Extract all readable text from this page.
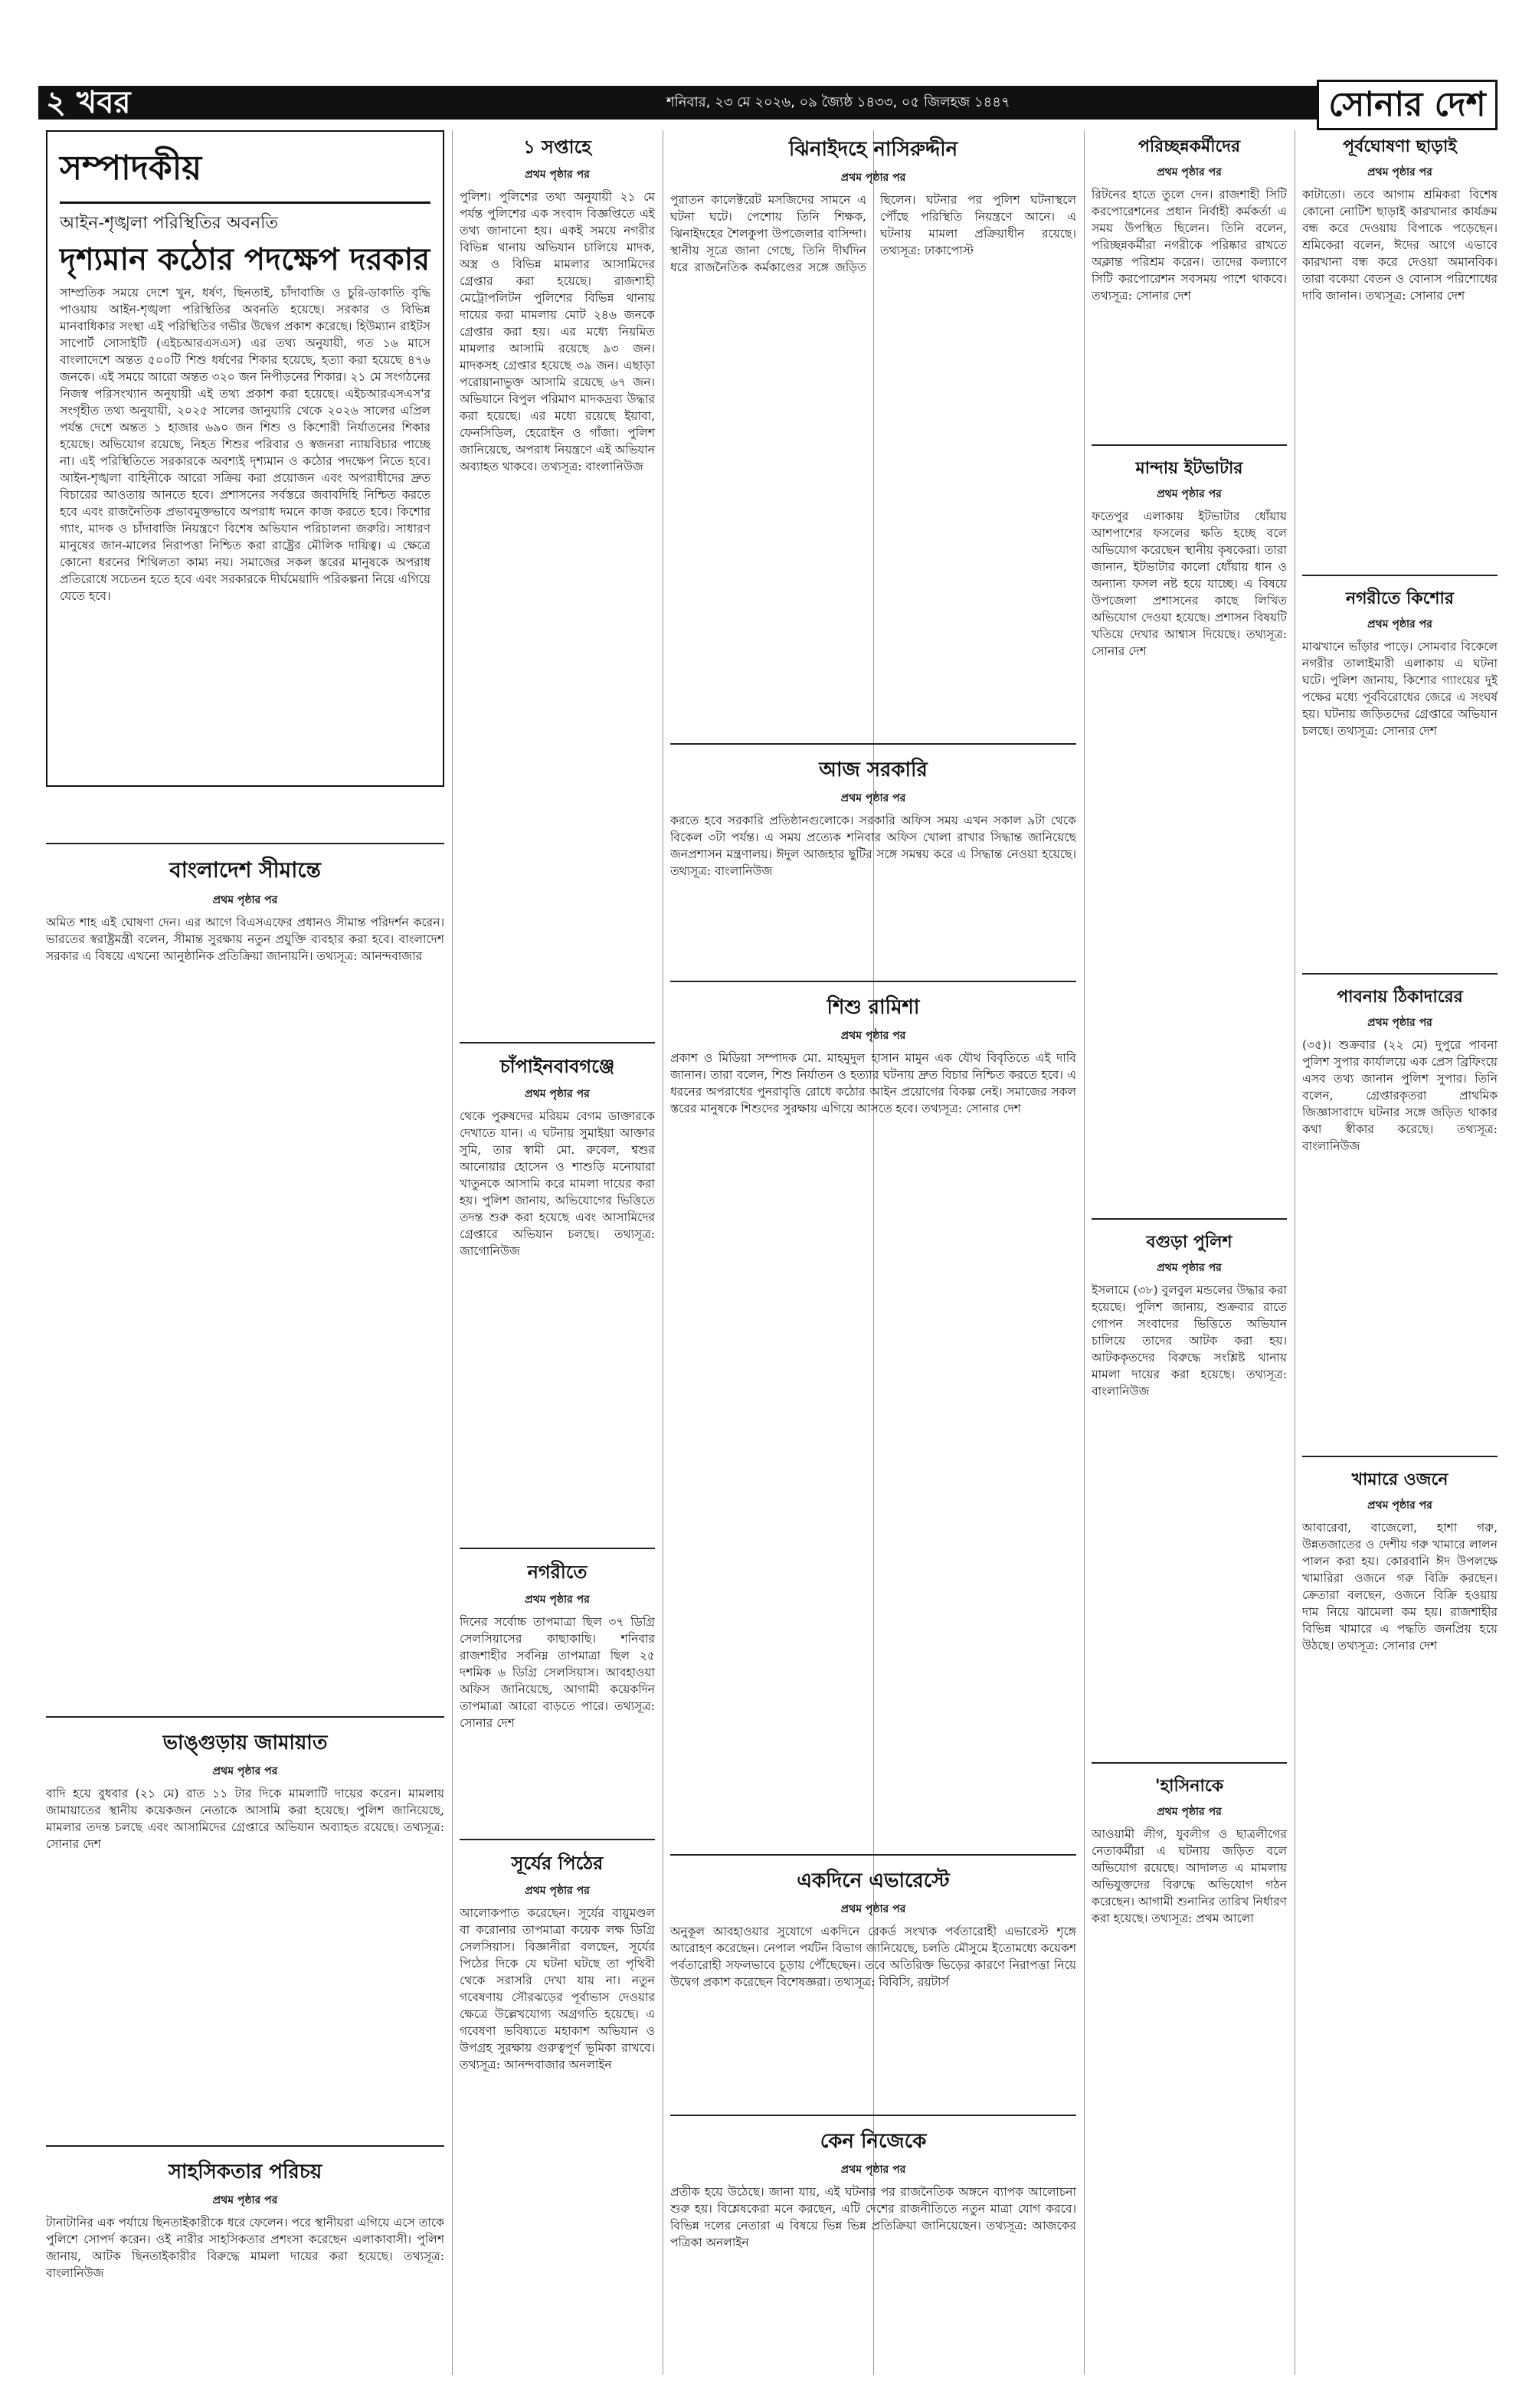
২ খবর	শনিবার, ২৩ মে ২০২৬, ০৯ জ্যৈষ্ঠ ১৪৩৩, ০৫ জিলহজ ১৪৪৭	সোনার দেশ
সম্পাদকীয়
আইন-শৃঙ্খলা পরিস্থিতির অবনতি
দৃশ্যমান কঠোর পদক্ষেপ দরকার
সাম্প্রতিক সময়ে দেশে খুন, ধর্ষণ, ছিনতাই, চাঁদাবাজি ও চুরি-ডাকাতি বৃদ্ধি পাওয়ায় আইন-শৃঙ্খলা পরিস্থিতির অবনতি হয়েছে। সরকার ও বিভিন্ন মানবাধিকার সংস্থা এই পরিস্থিতির গভীর উদ্বেগ প্রকাশ করেছে। হিউম্যান রাইটস সাপোর্ট সোসাইটি (এইচআরএসএস) এর তথ্য অনুযায়ী, গত ১৬ মাসে বাংলাদেশে অন্তত ৫০০টি শিশু ধর্ষণের শিকার হয়েছে, হত্যা করা হয়েছে ৪৭৬ জনকে। এই সময়ে আরো অন্তত ৩২০ জন নিপীড়নের শিকার। ২১ মে সংগঠনের নিজস্ব পরিসংখ্যান অনুযায়ী এই তথ্য প্রকাশ করা হয়েছে। এইচআরএসএস'র সংগৃহীত তথ্য অনুযায়ী, ২০২৫ সালের জানুয়ারি থেকে ২০২৬ সালের এপ্রিল পর্যন্ত দেশে অন্তত ১ হাজার ৬৯০ জন শিশু ও কিশোরী নির্যাতনের শিকার হয়েছে। অভিযোগ রয়েছে, নিহত শিশুর পরিবার ও স্বজনরা ন্যায়বিচার পাচ্ছে না। এই পরিস্থিতিতে সরকারকে অবশ্যই দৃশ্যমান ও কঠোর পদক্ষেপ নিতে হবে। আইন-শৃঙ্খলা বাহিনীকে আরো সক্রিয় করা প্রয়োজন এবং অপরাধীদের দ্রুত বিচারের আওতায় আনতে হবে। প্রশাসনের সর্বস্তরে জবাবদিহি নিশ্চিত করতে হবে এবং রাজনৈতিক প্রভাবমুক্তভাবে অপরাধ দমনে কাজ করতে হবে। কিশোর গ্যাং, মাদক ও চাঁদাবাজি নিয়ন্ত্রণে বিশেষ অভিযান পরিচালনা জরুরি। সাধারণ মানুষের জান-মালের নিরাপত্তা নিশ্চিত করা রাষ্ট্রের মৌলিক দায়িত্ব। এ ক্ষেত্রে কোনো ধরনের শিথিলতা কাম্য নয়। সমাজের সকল স্তরের মানুষকে অপরাধ প্রতিরোধে সচেতন হতে হবে এবং সরকারকে দীর্ঘমেয়াদি পরিকল্পনা নিয়ে এগিয়ে যেতে হবে।
বাংলাদেশ সীমান্তে
প্রথম পৃষ্ঠার পর
অমিত শাহ এই ঘোষণা দেন। এর আগে বিএসএফের প্রধানও সীমান্ত পরিদর্শন করেন। ভারতের স্বরাষ্ট্রমন্ত্রী বলেন, সীমান্ত সুরক্ষায় নতুন প্রযুক্তি ব্যবহার করা হবে। বাংলাদেশ সরকার এ বিষয়ে এখনো আনুষ্ঠানিক প্রতিক্রিয়া জানায়নি। তথ্যসূত্র: আনন্দবাজার
ভাঙ্গুড়ায় জামায়াত
প্রথম পৃষ্ঠার পর
বাদি হয়ে বুধবার (২১ মে) রাত ১১ টার দিকে মামলাটি দায়ের করেন। মামলায় জামায়াতের স্থানীয় কয়েকজন নেতাকে আসামি করা হয়েছে। পুলিশ জানিয়েছে, মামলার তদন্ত চলছে এবং আসামিদের গ্রেপ্তারে অভিযান অব্যাহত রয়েছে। তথ্যসূত্র: সোনার দেশ
সাহসিকতার পরিচয়
প্রথম পৃষ্ঠার পর
টানাটানির এক পর্যায়ে ছিনতাইকারীকে ধরে ফেলেন। পরে স্থানীয়রা এগিয়ে এসে তাকে পুলিশে সোপর্দ করেন। ওই নারীর সাহসিকতার প্রশংসা করেছেন এলাকাবাসী। পুলিশ জানায়, আটক ছিনতাইকারীর বিরুদ্ধে মামলা দায়ের করা হয়েছে। তথ্যসূত্র: বাংলানিউজ
১ সপ্তাহে
প্রথম পৃষ্ঠার পর
পুলিশ। পুলিশের তথ্য অনুযায়ী ২১ মে পর্যন্ত পুলিশের এক সংবাদ বিজ্ঞপ্তিতে এই তথ্য জানানো হয়। একই সময়ে নগরীর বিভিন্ন থানায় অভিযান চালিয়ে মাদক, অস্ত্র ও বিভিন্ন মামলার আসামিদের গ্রেপ্তার করা হয়েছে। রাজশাহী মেট্রোপলিটন পুলিশের বিভিন্ন থানায় দায়ের করা মামলায় মোট ২৪৬ জনকে গ্রেপ্তার করা হয়। এর মধ্যে নিয়মিত মামলার আসামি রয়েছে ৯৩ জন। মাদকসহ গ্রেপ্তার হয়েছে ৩৯ জন। এছাড়া পরোয়ানাভুক্ত আসামি রয়েছে ৬৭ জন। অভিযানে বিপুল পরিমাণ মাদকদ্রব্য উদ্ধার করা হয়েছে। এর মধ্যে রয়েছে ইয়াবা, ফেনসিডিল, হেরোইন ও গাঁজা। পুলিশ জানিয়েছে, অপরাধ নিয়ন্ত্রণে এই অভিযান অব্যাহত থাকবে। তথ্যসূত্র: বাংলানিউজ
চাঁপাইনবাবগঞ্জে
প্রথম পৃষ্ঠার পর
থেকে পুরুষদের মরিয়ম বেগম ডাক্তারকে দেখাতে যান। এ ঘটনায় সুমাইয়া আক্তার সুমি, তার স্বামী মো. রুবেল, শ্বশুর আনোয়ার হোসেন ও শাশুড়ি মনোয়ারা খাতুনকে আসামি করে মামলা দায়ের করা হয়। পুলিশ জানায়, অভিযোগের ভিত্তিতে তদন্ত শুরু করা হয়েছে এবং আসামিদের গ্রেপ্তারে অভিযান চলছে। তথ্যসূত্র: জাগোনিউজ
নগরীতে
প্রথম পৃষ্ঠার পর
দিনের সর্বোচ্চ তাপমাত্রা ছিল ৩৭ ডিগ্রি সেলসিয়াসের কাছাকাছি। শনিবার রাজশাহীর সর্বনিম্ন তাপমাত্রা ছিল ২৫ দশমিক ৬ ডিগ্রি সেলসিয়াস। আবহাওয়া অফিস জানিয়েছে, আগামী কয়েকদিন তাপমাত্রা আরো বাড়তে পারে। তথ্যসূত্র: সোনার দেশ
সূর্যের পিঠের
প্রথম পৃষ্ঠার পর
আলোকপাত করেছেন। সূর্যের বায়ুমণ্ডল বা করোনার তাপমাত্রা কয়েক লক্ষ ডিগ্রি সেলসিয়াস। বিজ্ঞানীরা বলছেন, সূর্যের পিঠের দিকে যে ঘটনা ঘটছে তা পৃথিবী থেকে সরাসরি দেখা যায় না। নতুন গবেষণায় সৌরঝড়ের পূর্বাভাস দেওয়ার ক্ষেত্রে উল্লেখযোগ্য অগ্রগতি হয়েছে। এ গবেষণা ভবিষ্যতে মহাকাশ অভিযান ও উপগ্রহ সুরক্ষায় গুরুত্বপূর্ণ ভূমিকা রাখবে। তথ্যসূত্র: আনন্দবাজার অনলাইন
ঝিনাইদহে নাসিরুদ্দীন
প্রথম পৃষ্ঠার পর
পুরাতন কালেক্টরেট মসজিদের সামনে এ ঘটনা ঘটে। পেশোয় তিনি শিক্ষক, ঝিনাইদহের শৈলকুপা উপজেলার বাসিন্দা। স্থানীয় সূত্রে জানা গেছে, তিনি দীর্ঘদিন ধরে রাজনৈতিক কর্মকাণ্ডের সঙ্গে জড়িত ছিলেন। ঘটনার পর পুলিশ ঘটনাস্থলে পৌঁছে পরিস্থিতি নিয়ন্ত্রণে আনে। এ ঘটনায় মামলা প্রক্রিয়াধীন রয়েছে। তথ্যসূত্র: ঢাকাপোস্ট
আজ সরকারি
প্রথম পৃষ্ঠার পর
করতে হবে সরকারি প্রতিষ্ঠানগুলোকে। সরকারি অফিস সময় এখন সকাল ৯টা থেকে বিকেল ৩টা পর্যন্ত। এ সময় প্রত্যেক শনিবার অফিস খোলা রাখার সিদ্ধান্ত জানিয়েছে জনপ্রশাসন মন্ত্রণালয়। ঈদুল আজহার ছুটির সঙ্গে সমন্বয় করে এ সিদ্ধান্ত নেওয়া হয়েছে। তথ্যসূত্র: বাংলানিউজ
শিশু রামিশা
প্রথম পৃষ্ঠার পর
প্রকাশ ও মিডিয়া সম্পাদক মো. মাহমুদুল হাসান মামুন এক যৌথ বিবৃতিতে এই দাবি জানান। তারা বলেন, শিশু নির্যাতন ও হত্যার ঘটনায় দ্রুত বিচার নিশ্চিত করতে হবে। এ ধরনের অপরাধের পুনরাবৃত্তি রোধে কঠোর আইন প্রয়োগের বিকল্প নেই। সমাজের সকল স্তরের মানুষকে শিশুদের সুরক্ষায় এগিয়ে আসতে হবে। তথ্যসূত্র: সোনার দেশ
একদিনে এভারেস্টে
প্রথম পৃষ্ঠার পর
অনুকূল আবহাওয়ার সুযোগে একদিনে রেকর্ড সংখ্যক পর্বতারোহী এভারেস্ট শৃঙ্গে আরোহণ করেছেন। নেপাল পর্যটন বিভাগ জানিয়েছে, চলতি মৌসুমে ইতোমধ্যে কয়েকশ পর্বতারোহী সফলভাবে চূড়ায় পৌঁছেছেন। তবে অতিরিক্ত ভিড়ের কারণে নিরাপত্তা নিয়ে উদ্বেগ প্রকাশ করেছেন বিশেষজ্ঞরা। তথ্যসূত্র: বিবিসি, রয়টার্স
কেন নিজেকে
প্রথম পৃষ্ঠার পর
প্রতীক হয়ে উঠেছে। জানা যায়, এই ঘটনার পর রাজনৈতিক অঙ্গনে ব্যাপক আলোচনা শুরু হয়। বিশ্লেষকেরা মনে করছেন, এটি দেশের রাজনীতিতে নতুন মাত্রা যোগ করবে। বিভিন্ন দলের নেতারা এ বিষয়ে ভিন্ন ভিন্ন প্রতিক্রিয়া জানিয়েছেন। তথ্যসূত্র: আজকের পত্রিকা অনলাইন
পরিচ্ছন্নকর্মীদের
প্রথম পৃষ্ঠার পর
রিটনের হাতে তুলে দেন। রাজশাহী সিটি করপোরেশনের প্রধান নির্বাহী কর্মকর্তা এ সময় উপস্থিত ছিলেন। তিনি বলেন, পরিচ্ছন্নকর্মীরা নগরীকে পরিষ্কার রাখতে অক্লান্ত পরিশ্রম করেন। তাদের কল্যাণে সিটি করপোরেশন সবসময় পাশে থাকবে। তথ্যসূত্র: সোনার দেশ
মান্দায় ইটভাটার
প্রথম পৃষ্ঠার পর
ফতেপুর এলাকায় ইটভাটার ধোঁয়ায় আশপাশের ফসলের ক্ষতি হচ্ছে বলে অভিযোগ করেছেন স্থানীয় কৃষকেরা। তারা জানান, ইটভাটার কালো ধোঁয়ায় ধান ও অন্যান্য ফসল নষ্ট হয়ে যাচ্ছে। এ বিষয়ে উপজেলা প্রশাসনের কাছে লিখিত অভিযোগ দেওয়া হয়েছে। প্রশাসন বিষয়টি খতিয়ে দেখার আশ্বাস দিয়েছে। তথ্যসূত্র: সোনার দেশ
বগুড়া পুলিশ
প্রথম পৃষ্ঠার পর
ইসলামে (৩৮) বুলবুল মন্ডলের উদ্ধার করা হয়েছে। পুলিশ জানায়, শুক্রবার রাতে গোপন সংবাদের ভিত্তিতে অভিযান চালিয়ে তাদের আটক করা হয়। আটককৃতদের বিরুদ্ধে সংশ্লিষ্ট থানায় মামলা দায়ের করা হয়েছে। তথ্যসূত্র: বাংলানিউজ
'হাসিনাকে
প্রথম পৃষ্ঠার পর
আওয়ামী লীগ, যুবলীগ ও ছাত্রলীগের নেতাকর্মীরা এ ঘটনায় জড়িত বলে অভিযোগ রয়েছে। আদালত এ মামলায় অভিযুক্তদের বিরুদ্ধে অভিযোগ গঠন করেছেন। আগামী শুনানির তারিখ নির্ধারণ করা হয়েছে। তথ্যসূত্র: প্রথম আলো
পূর্বঘোষণা ছাড়াই
প্রথম পৃষ্ঠার পর
কাটাতো। তবে আগাম শ্রমিকরা বিশেষ কোনো নোটিশ ছাড়াই কারখানার কার্যক্রম বন্ধ করে দেওয়ায় বিপাকে পড়েছেন। শ্রমিকেরা বলেন, ঈদের আগে এভাবে কারখানা বন্ধ করে দেওয়া অমানবিক। তারা বকেয়া বেতন ও বোনাস পরিশোধের দাবি জানান। তথ্যসূত্র: সোনার দেশ
নগরীতে কিশোর
প্রথম পৃষ্ঠার পর
মাঝখানে ভাঁড়ার পাড়ে। সোমবার বিকেলে নগরীর তালাইমারী এলাকায় এ ঘটনা ঘটে। পুলিশ জানায়, কিশোর গ্যাংয়ের দুই পক্ষের মধ্যে পূর্ববিরোধের জেরে এ সংঘর্ষ হয়। ঘটনায় জড়িতদের গ্রেপ্তারে অভিযান চলছে। তথ্যসূত্র: সোনার দেশ
পাবনায় ঠিকাদারের
প্রথম পৃষ্ঠার পর
(৩৫)। শুক্রবার (২২ মে) দুপুরে পাবনা পুলিশ সুপার কার্যালয়ে এক প্রেস ব্রিফিংয়ে এসব তথ্য জানান পুলিশ সুপার। তিনি বলেন, গ্রেপ্তারকৃতরা প্রাথমিক জিজ্ঞাসাবাদে ঘটনার সঙ্গে জড়িত থাকার কথা স্বীকার করেছে। তথ্যসূত্র: বাংলানিউজ
খামারে ওজনে
প্রথম পৃষ্ঠার পর
আবারেবা, বাজেলো, হাশা গরু, উন্নতজাতের ও দেশীয় গরু খামারে লালন পালন করা হয়। কোরবানি ঈদ উপলক্ষে খামারিরা ওজনে গরু বিক্রি করছেন। ক্রেতারা বলছেন, ওজনে বিক্রি হওয়ায় দাম নিয়ে ঝামেলা কম হয়। রাজশাহীর বিভিন্ন খামারে এ পদ্ধতি জনপ্রিয় হয়ে উঠছে। তথ্যসূত্র: সোনার দেশ
